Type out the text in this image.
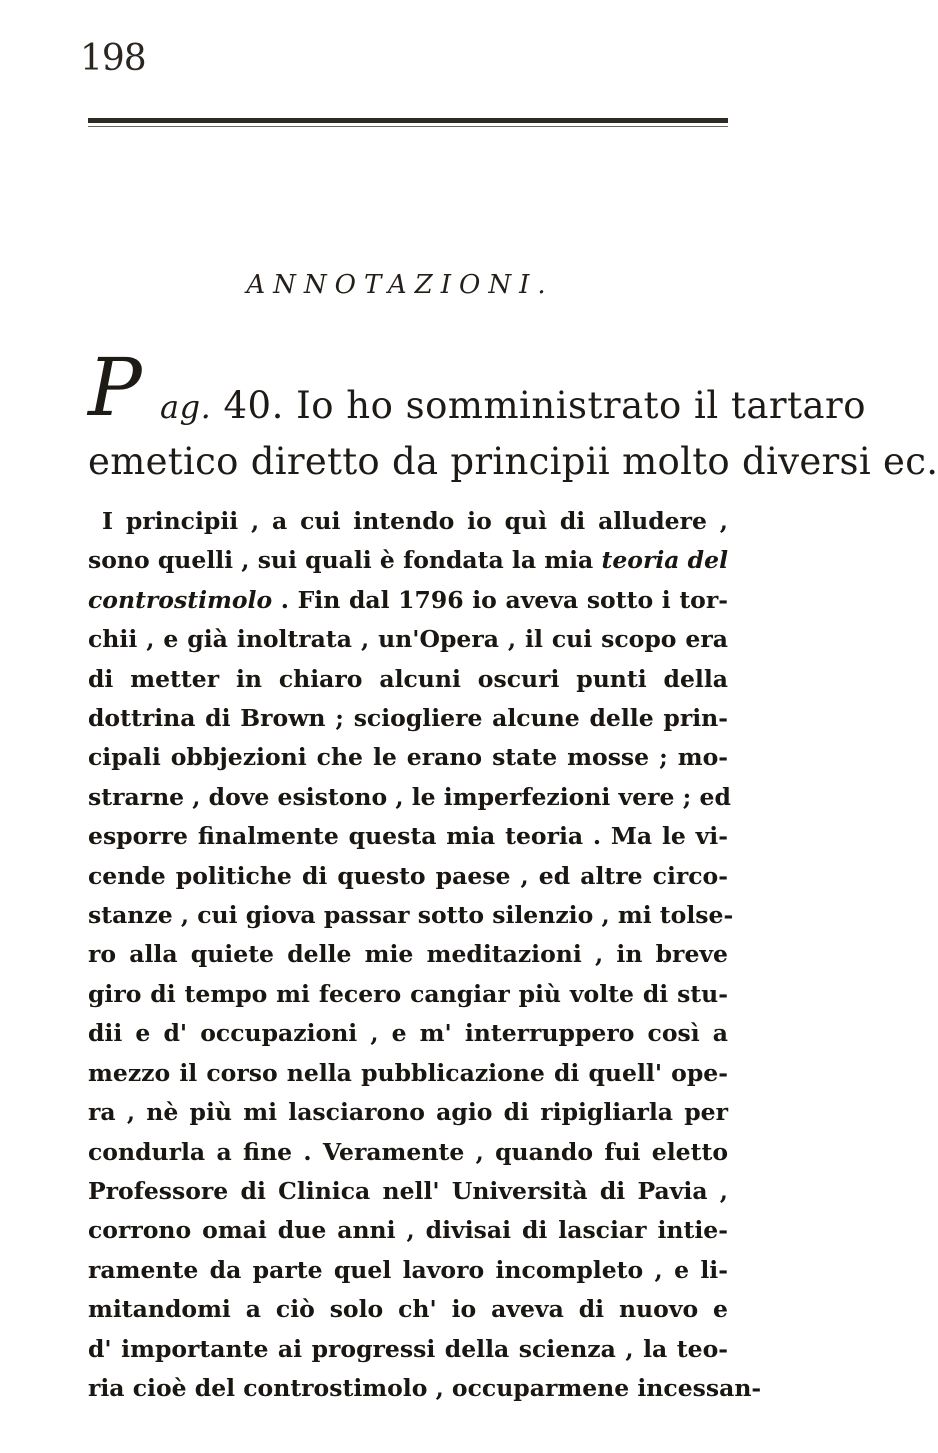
198
ANNOTAZIONI.
P ag. 40. Io ho somministrato il tartaro
emetico diretto da principii molto diversi ec.
I principii , a cui intendo io quì di alludere ,
sono quelli , sui quali è fondata la mia teoria del
controstimolo . Fin dal 1796 io aveva sotto i tor-
chii , e già inoltrata , un'Opera , il cui scopo era
di metter in chiaro alcuni oscuri punti della
dottrina di Brown ; sciogliere alcune delle prin-
cipali obbjezioni che le erano state mosse ; mo-
strarne , dove esistono , le imperfezioni vere ; ed
esporre finalmente questa mia teoria . Ma le vi-
cende politiche di questo paese , ed altre circo-
stanze , cui giova passar sotto silenzio , mi tolse-
ro alla quiete delle mie meditazioni , in breve
giro di tempo mi fecero cangiar più volte di stu-
dii e d' occupazioni , e m' interruppero così a
mezzo il corso nella pubblicazione di quell' ope-
ra , nè più mi lasciarono agio di ripigliarla per
condurla a fine . Veramente , quando fui eletto
Professore di Clinica nell' Università di Pavia ,
corrono omai due anni , divisai di lasciar intie-
ramente da parte quel lavoro incompleto , e li-
mitandomi a ciò solo ch' io aveva di nuovo e
d' importante ai progressi della scienza , la teo-
ria cioè del controstimolo , occuparmene incessan-
